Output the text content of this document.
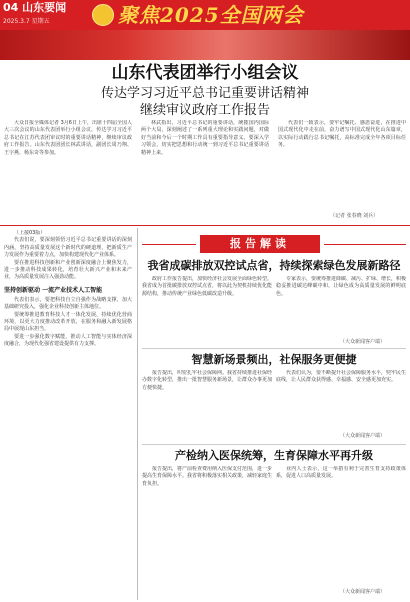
04 山东要闻
2025.3.7 星期五	聚焦2025全国两会
山东代表团举行小组会议
传达学习习近平总书记重要讲话精神
继续审议政府工作报告

大众日报全媒体记者 3月6日上午，出席十四届全国人大三次会议的山东代表团举行小组会议，传达学习习近平总书记在江苏代表团审议时的重要讲话精神，继续审议政府工作报告。山东代表团团长林武讲话，副团长周乃翔、王宇燕、杨东奇等参加。

林武指出，习近平总书记的重要讲话，统揽国内国际两个大局，深刻阐述了一系列重大理论和实践问题，对做好当前和今后一个时期工作具有重要指导意义。要深入学习领会，切实把思想和行动统一到习近平总书记重要讲话精神上来。

代表们一致表示，要牢记嘱托、感恩奋进，在推进中国式现代化中走在前，奋力谱写中国式现代化山东篇章，以实际行动践行总书记嘱托，高标准完成全年各项目标任务。

（记者 张春晓 刘兵）

（上接03版）

代表们说，要深刻领悟习近平总书记重要讲话的深刻内涵，坚持高质量发展这个新时代的硬道理，把新质生产力发展作为重要着力点，加快构建现代化产业体系。

要在推进科技创新和产业创新深度融合上聚焦发力，进一步推动科技成果转化，培育壮大新兴产业和未来产业，为高质量发展注入强劲动能。

坚持创新驱动 一流产业技术人工智能

代表们表示，要把科技自立自强作为战略支撑，加大基础研究投入，强化企业科技创新主体地位。

要统筹推进教育科技人才一体化发展，持续优化营商环境，以更大力度推动改革开放，在服务和融入新发展格局中展现山东担当。

要进一步强化数字赋能，推动人工智能与实体经济深度融合，为现代化强省建设提供有力支撑。

报告解读
我省成碳排放双控试点省，持续探索绿色发展新路径

政府工作报告提出，加快经济社会发展全面绿色转型。我省成为首批碳排放双控试点省，将以此为契机持续优化能源结构，推动传统产业绿色低碳改造升级。

专家表示，要统筹推进降碳、减污、扩绿、增长，积极稳妥推进碳达峰碳中和，让绿色成为高质量发展的鲜明底色。

（大众新闻客户端）
智慧新场景频出，社保服务更便捷

报告提出，织密扎牢社会保障网。我省持续推进社保经办数字化转型，推出一批智慧服务新场景，让群众办事更加方便快捷。

代表们认为，要不断提升社会保障服务水平，兜牢民生底线，让人民群众获得感、幸福感、安全感更加充实。

（大众新闻客户端）
产检纳入医保统筹，生育保障水平再升级

报告提出，将产前检查费用纳入医保支付范围，进一步提高生育保障水平。我省将积极落实相关政策，减轻家庭生育负担。

业内人士表示，这一举措有利于完善生育支持政策体系，促进人口高质量发展。

（大众新闻客户端）
